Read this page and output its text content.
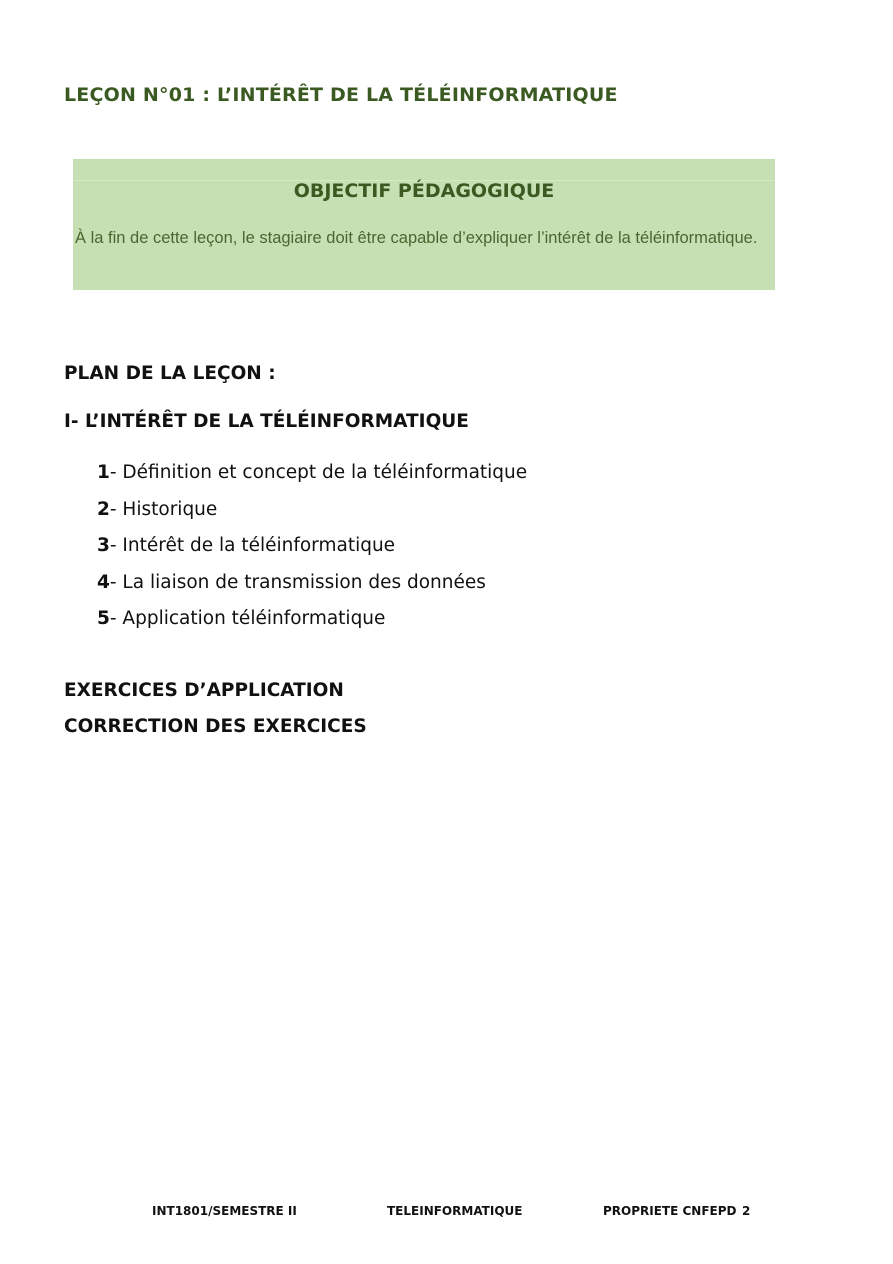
LEÇON N°01 : L’INTÉRÊT DE LA TÉLÉINFORMATIQUE
OBJECTIF PÉDAGOGIQUE

À la fin de cette leçon, le stagiaire doit être capable d’expliquer l’intérêt de la téléinformatique.

PLAN DE LA LEÇON :
I- L’INTÉRÊT DE LA TÉLÉINFORMATIQUE
1- Définition et concept de la téléinformatique
2- Historique
3- Intérêt de la téléinformatique
4- La liaison de transmission des données
5- Application téléinformatique
EXERCICES D’APPLICATION
CORRECTION DES EXERCICES
INT1801/SEMESTRE II	TELEINFORMATIQUE	PROPRIETE CNFEPD 2
